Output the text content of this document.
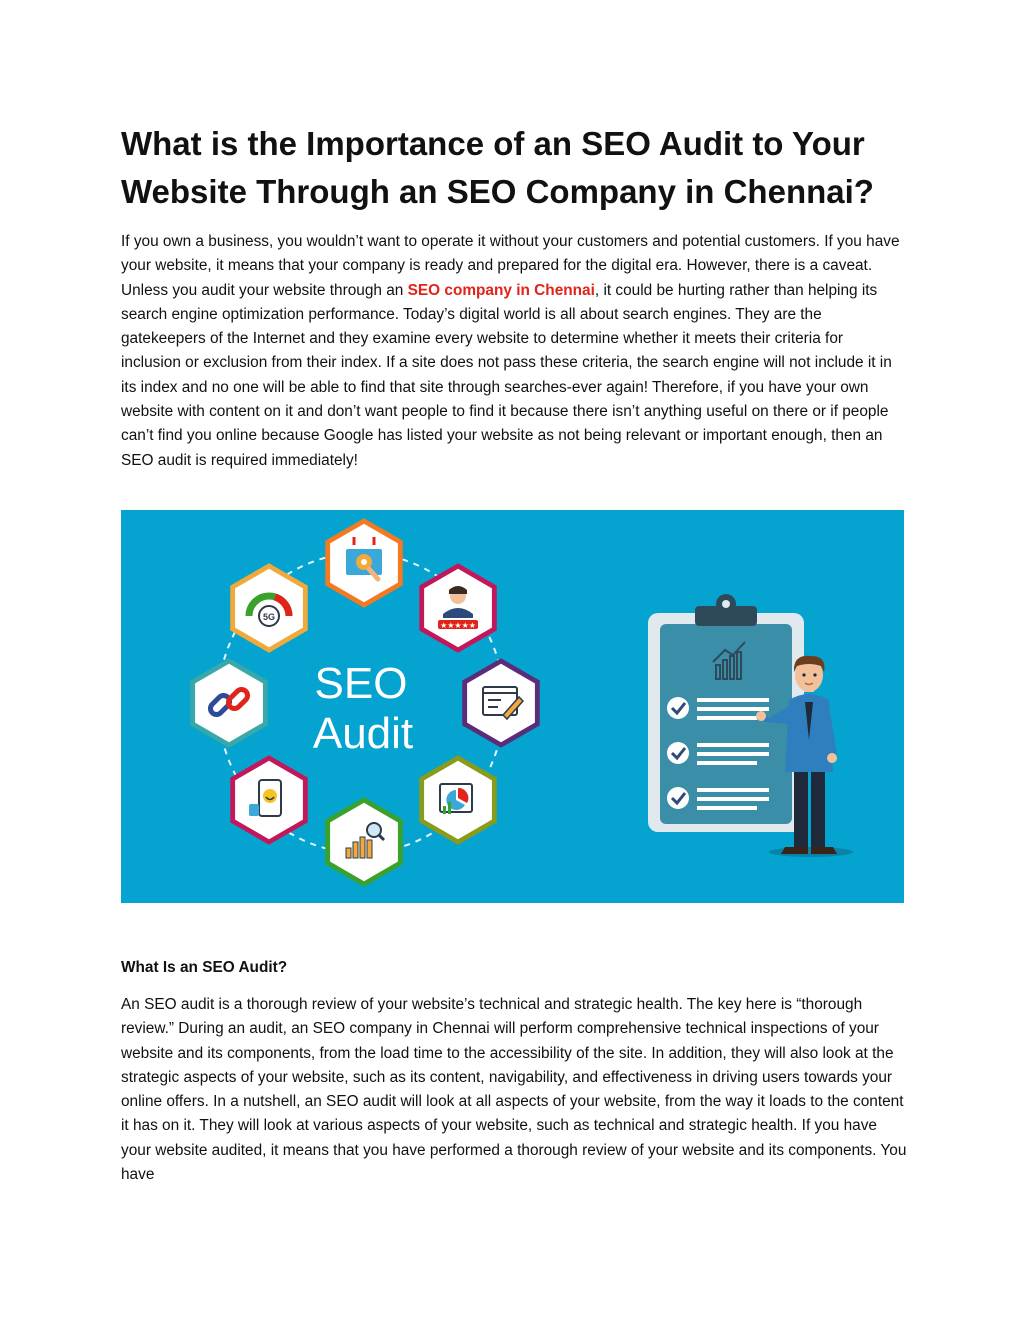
What is the Importance of an SEO Audit to Your Website Through an SEO Company in Chennai?

If you own a business, you wouldn’t want to operate it without your customers and potential customers. If you have your website, it means that your company is ready and prepared for the digital era. However, there is a caveat. Unless you audit your website through an SEO company in Chennai, it could be hurting rather than helping its search engine optimization performance. Today’s digital world is all about search engines. They are the gatekeepers of the Internet and they examine every website to determine whether it meets their criteria for inclusion or exclusion from their index. If a site does not pass these criteria, the search engine will not include it in its index and no one will be able to find that site through searches-ever again! Therefore, if you have your own website with content on it and don’t want people to find it because there isn’t anything useful on there or if people can’t find you online because Google has listed your website as not being relevant or important enough, then an SEO audit is required immediately!

SEO
Audit
★★★★★
5G
What Is an SEO Audit?

An SEO audit is a thorough review of your website’s technical and strategic health. The key here is “thorough review.” During an audit, an SEO company in Chennai will perform comprehensive technical inspections of your website and its components, from the load time to the accessibility of the site. In addition, they will also look at the strategic aspects of your website, such as its content, navigability, and effectiveness in driving users towards your online offers. In a nutshell, an SEO audit will look at all aspects of your website, from the way it loads to the content it has on it. They will look at various aspects of your website, such as technical and strategic health. If you have your website audited, it means that you have performed a thorough review of your website and its components. You have
